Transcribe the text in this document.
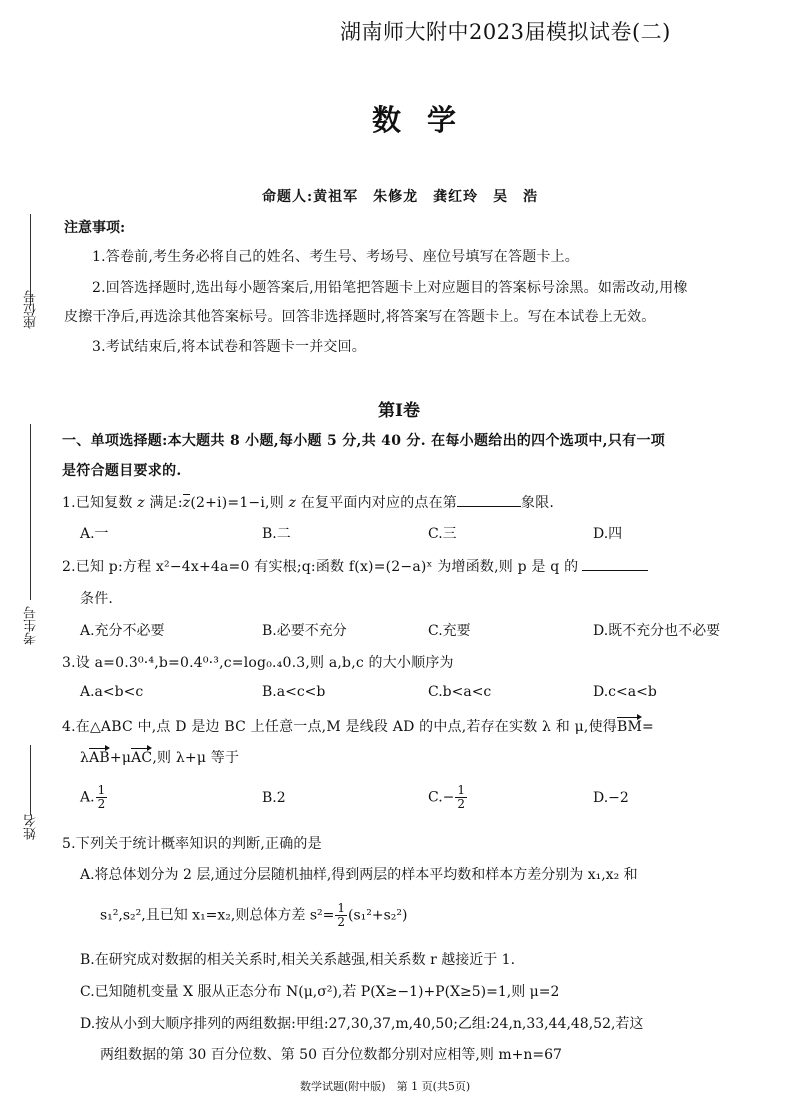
座位号
考生号
姓名
湖南师大附中2023届模拟试卷(二)
数学
命题人:黄祖军　朱修龙　龚红玲　吴　浩
注意事项:
1.答卷前,考生务必将自己的姓名、考生号、考场号、座位号填写在答题卡上。
2.回答选择题时,选出每小题答案后,用铅笔把答题卡上对应题目的答案标号涂黑。如需改动,用橡
皮擦干净后,再选涂其他答案标号。回答非选择题时,将答案写在答题卡上。写在本试卷上无效。
3.考试结束后,将本试卷和答题卡一并交回。
第Ⅰ卷
一、单项选择题:本大题共 8 小题,每小题 5 分,共 40 分. 在每小题给出的四个选项中,只有一项
是符合题目要求的.
1.已知复数 z 满足:z(2+i)=1−i,则 z 在复平面内对应的点在第	象限.
A.一	B.二	C.三	D.四
2.已知 p:方程 x²−4x+4a=0 有实根;q:函数 f(x)=(2−a)ˣ 为增函数,则 p 是 q 的
条件.
A.充分不必要	B.必要不充分	C.充要	D.既不充分也不必要
3.设 a=0.3⁰·⁴,b=0.4⁰·³,c=log₀.₄0.3,则 a,b,c 的大小顺序为
A.a<b<c	B.a<c<b	C.b<a<c	D.c<a<b
4.在△ABC 中,点 D 是边 BC 上任意一点,M 是线段 AD 的中点,若存在实数 λ 和 μ,使得BM=
λAB+μAC,则 λ+μ 等于
A. $\frac{1}{2}$	B.2	$C.- \frac{1}{2}$	D.−2
5.下列关于统计概率知识的判断,正确的是
A.将总体划分为 2 层,通过分层随机抽样,得到两层的样本平均数和样本方差分别为 x₁,x₂ 和
s₁²,s₂²,且已知 x₁=x₂,则总体方差 $s^2= \frac{1}{2} (s_1^2+s_2^2)$
B.在研究成对数据的相关关系时,相关关系越强,相关系数 r 越接近于 1.
C.已知随机变量 X 服从正态分布 N(μ,σ²),若 P(X≥−1)+P(X≥5)=1,则 μ=2
D.按从小到大顺序排列的两组数据:甲组:27,30,37,m,40,50;乙组:24,n,33,44,48,52,若这
两组数据的第 30 百分位数、第 50 百分位数都分别对应相等,则 m+n=67
数学试题(附中版)　第 1 页(共5页)
